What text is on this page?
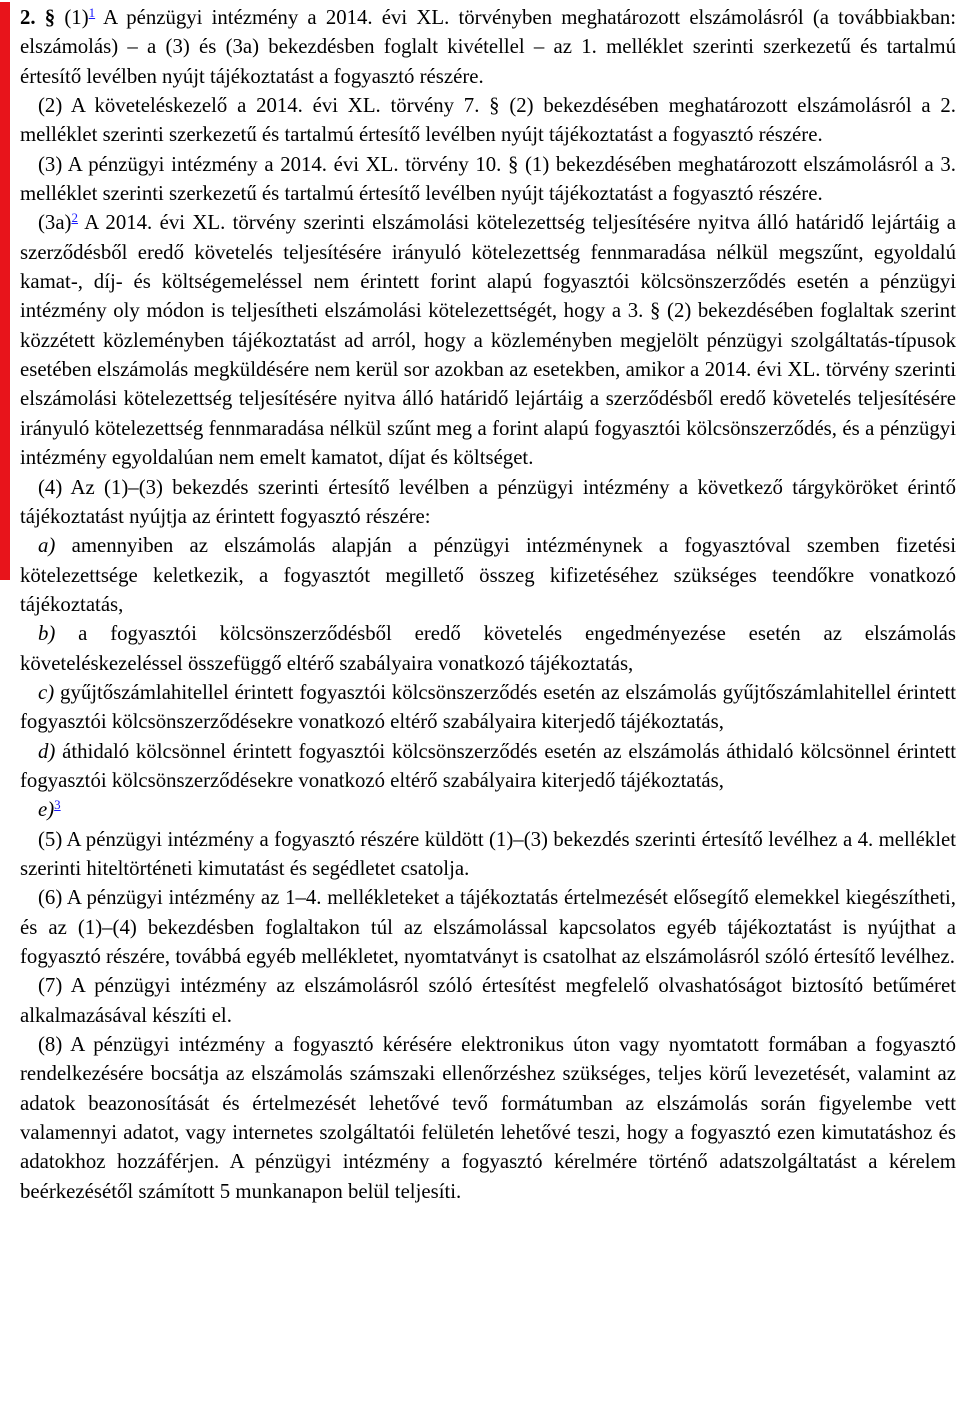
2. § $(1)^1$ A pénzügyi intézmény a 2014. évi XL. törvényben meghatározott elszámolásról (a továbbiakban: elszámolás) – a (3) és (3a) bekezdésben foglalt kivétellel – az 1. melléklet szerinti szerkezetű és tartalmú értesítő levélben nyújt tájékoztatást a fogyasztó részére.

(2) A követeléskezelő a 2014. évi XL. törvény 7. § (2) bekezdésében meghatározott elszámolásról a 2. melléklet szerinti szerkezetű és tartalmú értesítő levélben nyújt tájékoztatást a fogyasztó részére.

(3) A pénzügyi intézmény a 2014. évi XL. törvény 10. § (1) bekezdésében meghatározott elszámolásról a 3. melléklet szerinti szerkezetű és tartalmú értesítő levélben nyújt tájékoztatást a fogyasztó részére.

$(3a)^2$ A 2014. évi XL. törvény szerinti elszámolási kötelezettség teljesítésére nyitva álló határidő lejártáig a szerződésből eredő követelés teljesítésére irányuló kötelezettség fennmaradása nélkül megszűnt, egyoldalú kamat-, díj- és költségemeléssel nem érintett forint alapú fogyasztói kölcsönszerződés esetén a pénzügyi intézmény oly módon is teljesítheti elszámolási kötelezettségét, hogy a 3. § (2) bekezdésében foglaltak szerint közzétett közleményben tájékoztatást ad arról, hogy a közleményben megjelölt pénzügyi szolgáltatás-típusok esetében elszámolás megküldésére nem kerül sor azokban az esetekben, amikor a 2014. évi XL. törvény szerinti elszámolási kötelezettség teljesítésére nyitva álló határidő lejártáig a szerződésből eredő követelés teljesítésére irányuló kötelezettség fennmaradása nélkül szűnt meg a forint alapú fogyasztói kölcsönszerződés, és a pénzügyi intézmény egyoldalúan nem emelt kamatot, díjat és költséget.

(4) Az (1)–(3) bekezdés szerinti értesítő levélben a pénzügyi intézmény a következő tárgyköröket érintő tájékoztatást nyújtja az érintett fogyasztó részére:

a) amennyiben az elszámolás alapján a pénzügyi intézménynek a fogyasztóval szemben fizetési kötelezettsége keletkezik, a fogyasztót megillető összeg kifizetéséhez szükséges teendőkre vonatkozó tájékoztatás,

b) a fogyasztói kölcsönszerződésből eredő követelés engedményezése esetén az elszámolás követeléskezeléssel összefüggő eltérő szabályaira vonatkozó tájékoztatás,

c) gyűjtőszámlahitellel érintett fogyasztói kölcsönszerződés esetén az elszámolás gyűjtőszámlahitellel érintett fogyasztói kölcsönszerződésekre vonatkozó eltérő szabályaira kiterjedő tájékoztatás,

d) áthidaló kölcsönnel érintett fogyasztói kölcsönszerződés esetén az elszámolás áthidaló kölcsönnel érintett fogyasztói kölcsönszerződésekre vonatkozó eltérő szabályaira kiterjedő tájékoztatás,

e)$^3$

(5) A pénzügyi intézmény a fogyasztó részére küldött (1)–(3) bekezdés szerinti értesítő levélhez a 4. melléklet szerinti hiteltörténeti kimutatást és segédletet csatolja.

(6) A pénzügyi intézmény az 1–4. mellékleteket a tájékoztatás értelmezését elősegítő elemekkel kiegészítheti, és az (1)–(4) bekezdésben foglaltakon túl az elszámolással kapcsolatos egyéb tájékoztatást is nyújthat a fogyasztó részére, továbbá egyéb mellékletet, nyomtatványt is csatolhat az elszámolásról szóló értesítő levélhez.

(7) A pénzügyi intézmény az elszámolásról szóló értesítést megfelelő olvashatóságot biztosító betűméret alkalmazásával készíti el.

(8) A pénzügyi intézmény a fogyasztó kérésére elektronikus úton vagy nyomtatott formában a fogyasztó rendelkezésére bocsátja az elszámolás számszaki ellenőrzéshez szükséges, teljes körű levezetését, valamint az adatok beazonosítását és értelmezését lehetővé tevő formátumban az elszámolás során figyelembe vett valamennyi adatot, vagy internetes szolgáltatói felületén lehetővé teszi, hogy a fogyasztó ezen kimutatáshoz és adatokhoz hozzáférjen. A pénzügyi intézmény a fogyasztó kérelmére történő adatszolgáltatást a kérelem beérkezésétől számított 5 munkanapon belül teljesíti.
